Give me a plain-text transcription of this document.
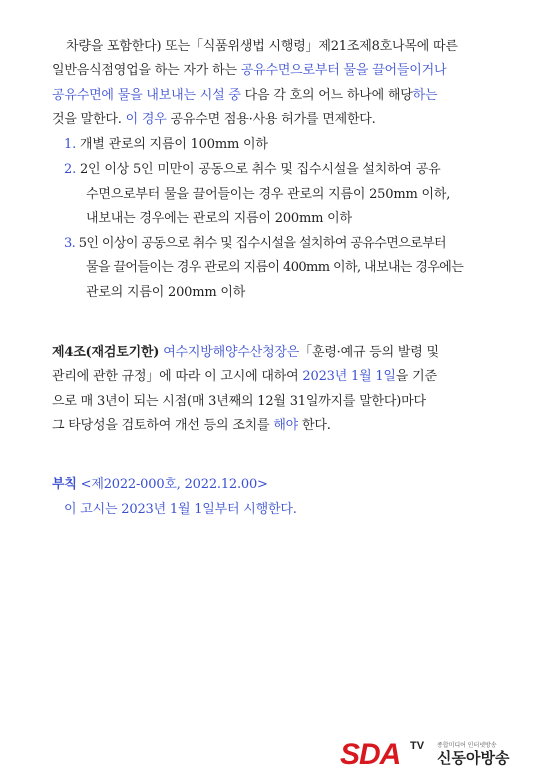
차량을 포함한다) 또는「식품위생법 시행령」제21조제8호나목에 따른
일반음식점영업을 하는 자가 하는 공유수면으로부터 물을 끌어들이거나
공유수면에 물을 내보내는 시설 중 다음 각 호의 어느 하나에 해당하는
것을 말한다. 이 경우 공유수면 점용·사용 허가를 면제한다.
1. 개별 관로의 지름이 100mm 이하
2. 2인 이상 5인 미만이 공동으로 취수 및 집수시설을 설치하여 공유
수면으로부터 물을 끌어들이는 경우 관로의 지름이 250mm 이하,
내보내는 경우에는 관로의 지름이 200mm 이하
3. 5인 이상이 공동으로 취수 및 집수시설을 설치하여 공유수면으로부터
물을 끌어들이는 경우 관로의 지름이 400mm 이하, 내보내는 경우에는
관로의 지름이 200mm 이하
제4조(재검토기한) 여수지방해양수산청장은「훈령·예규 등의 발령 및
관리에 관한 규정」에 따라 이 고시에 대하여 2023년 1월 1일을 기준
으로 매 3년이 되는 시점(매 3년째의 12월 31일까지를 말한다)마다
그 타당성을 검토하여 개선 등의 조치를 해야 한다.
부칙 <제2022-000호, 2022.12.00>
이 고시는 2023년 1월 1일부터 시행한다.
SDA TV 종합미디어 인터넷방송
신동아방송
